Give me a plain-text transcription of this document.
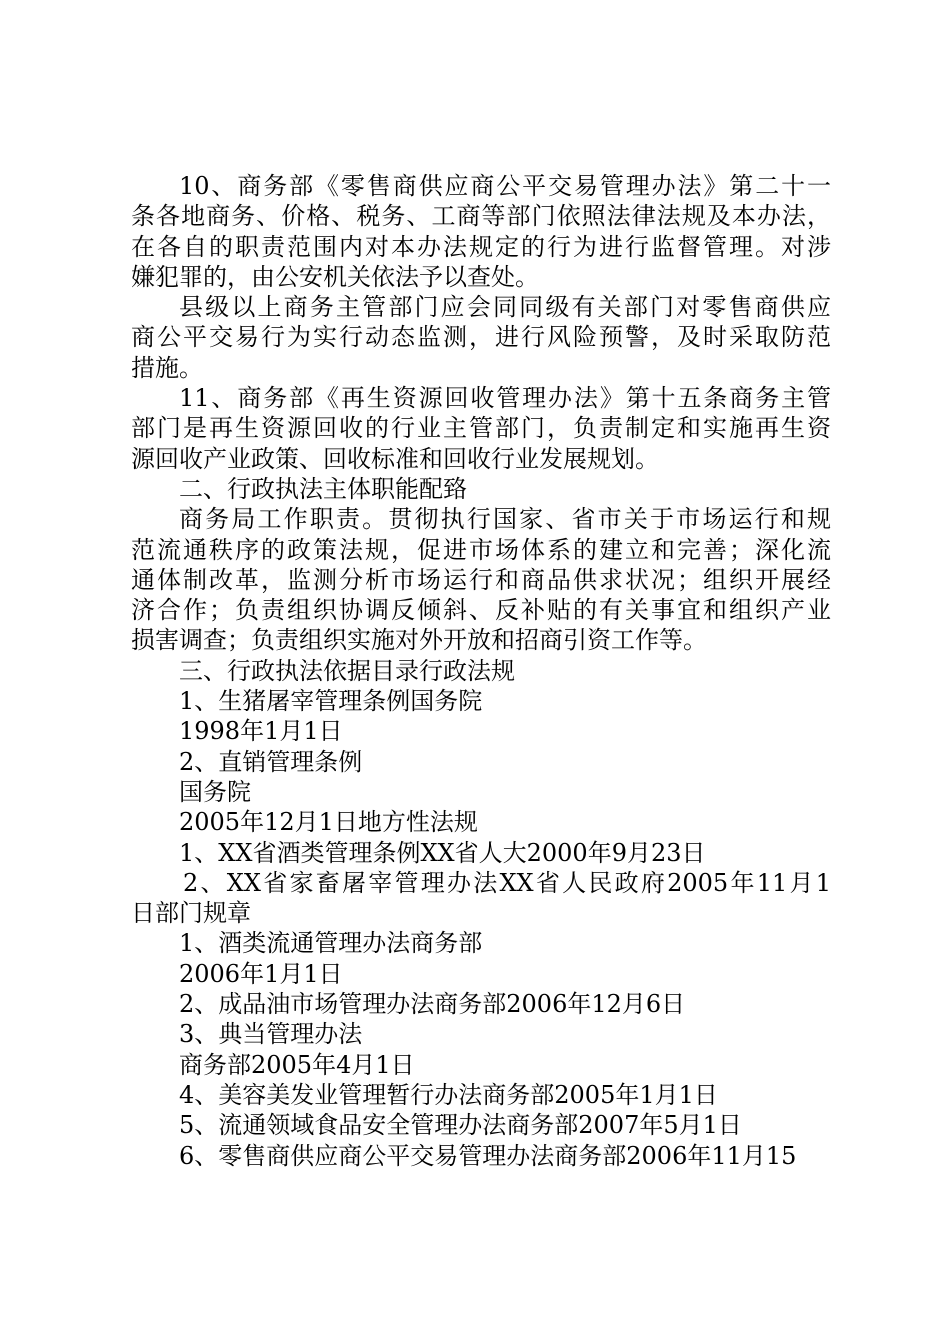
10、商务部《零售商供应商公平交易管理办法》第二十一
条各地商务、价格、税务、工商等部门依照法律法规及本办法，
在各自的职责范围内对本办法规定的行为进行监督管理。对涉
嫌犯罪的，由公安机关依法予以查处。
县级以上商务主管部门应会同同级有关部门对零售商供应
商公平交易行为实行动态监测，进行风险预警，及时采取防范
措施。
11、商务部《再生资源回收管理办法》第十五条商务主管
部门是再生资源回收的行业主管部门，负责制定和实施再生资
源回收产业政策、回收标准和回收行业发展规划。
二、行政执法主体职能配臵
商务局工作职责。贯彻执行国家、省市关于市场运行和规
范流通秩序的政策法规，促进市场体系的建立和完善；深化流
通体制改革，监测分析市场运行和商品供求状况；组织开展经
济合作；负责组织协调反倾斜、反补贴的有关事宜和组织产业
损害调查；负责组织实施对外开放和招商引资工作等。
三、行政执法依据目录行政法规
1、生猪屠宰管理条例国务院
1998年1月1日
2、直销管理条例
国务院
2005年12月1日地方性法规
1、XX省酒类管理条例XX省人大2000年9月23日
2、XX省家畜屠宰管理办法XX省人民政府2005年11月1
日部门规章
1、酒类流通管理办法商务部
2006年1月1日
2、成品油市场管理办法商务部2006年12月6日
3、典当管理办法
商务部2005年4月1日
4、美容美发业管理暂行办法商务部2005年1月1日
5、流通领域食品安全管理办法商务部2007年5月1日
6、零售商供应商公平交易管理办法商务部2006年11月15
